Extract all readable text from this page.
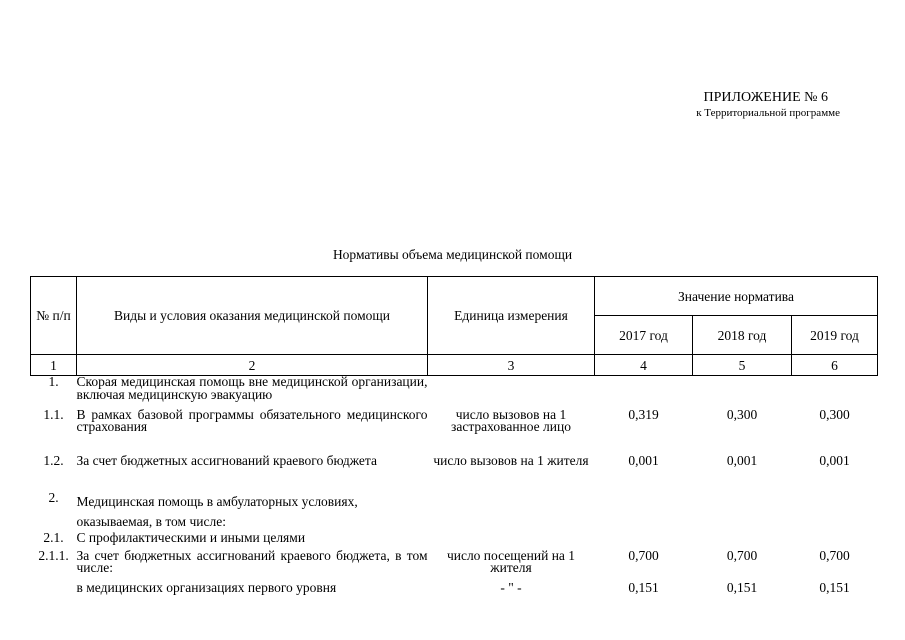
ПРИЛОЖЕНИЕ № 6
к Территориальной программе
Нормативы объема медицинской помощи
№ п/п	Виды и условия оказания медицинской помощи	Единица измерения	Значение норматива		
			2017 год	2018 год	2019 год
1	2	3	4	5	6
1.	Скорая медицинская помощь вне медицинской организации, включая медицинскую эвакуацию				
1.1.	В рамках базовой программы обязательного медицинского страхования	число вызовов на 1 застрахованное лицо	0,319	0,300	0,300
1.2.	За счет бюджетных ассигнований краевого бюджета	число вызовов на 1 жителя	0,001	0,001	0,001
2.	Медицинская помощь в амбулаторных условиях, оказываемая, в том числе:				
2.1.	С профилактическими и иными целями				
2.1.1.	За счет бюджетных ассигнований краевого бюджета, в том числе:	число посещений на 1 жителя	0,700	0,700	0,700
	в медицинских организациях первого уровня	- " -	0,151	0,151	0,151
